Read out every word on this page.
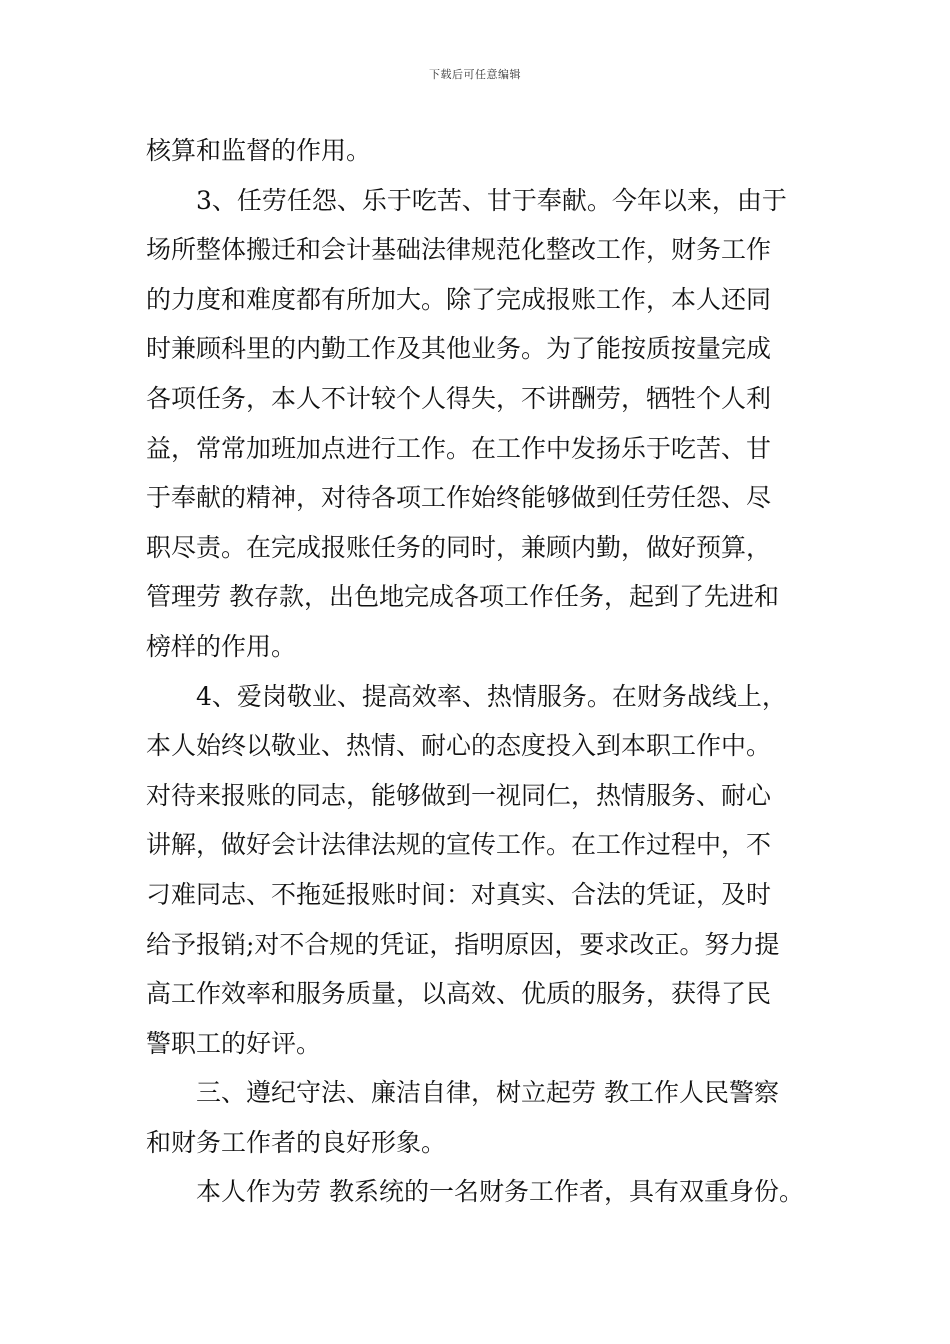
下载后可任意编辑
核算和监督的作用。
3、任劳任怨、乐于吃苦、甘于奉献。今年以来，由于
场所整体搬迁和会计基础法律规范化整改工作，财务工作
的力度和难度都有所加大。除了完成报账工作，本人还同
时兼顾科里的内勤工作及其他业务。为了能按质按量完成
各项任务，本人不计较个人得失，不讲酬劳，牺牲个人利
益，常常加班加点进行工作。在工作中发扬乐于吃苦、甘
于奉献的精神，对待各项工作始终能够做到任劳任怨、尽
职尽责。在完成报账任务的同时，兼顾内勤，做好预算，
管理劳 教存款，出色地完成各项工作任务，起到了先进和
榜样的作用。
4、爱岗敬业、提高效率、热情服务。在财务战线上，
本人始终以敬业、热情、耐心的态度投入到本职工作中。
对待来报账的同志，能够做到一视同仁，热情服务、耐心
讲解，做好会计法律法规的宣传工作。在工作过程中，不
刁难同志、不拖延报账时间：对真实、合法的凭证，及时
给予报销;对不合规的凭证，指明原因，要求改正。努力提
高工作效率和服务质量，以高效、优质的服务，获得了民
警职工的好评。
三、遵纪守法、廉洁自律，树立起劳 教工作人民警察
和财务工作者的良好形象。
本人作为劳 教系统的一名财务工作者，具有双重身份。
